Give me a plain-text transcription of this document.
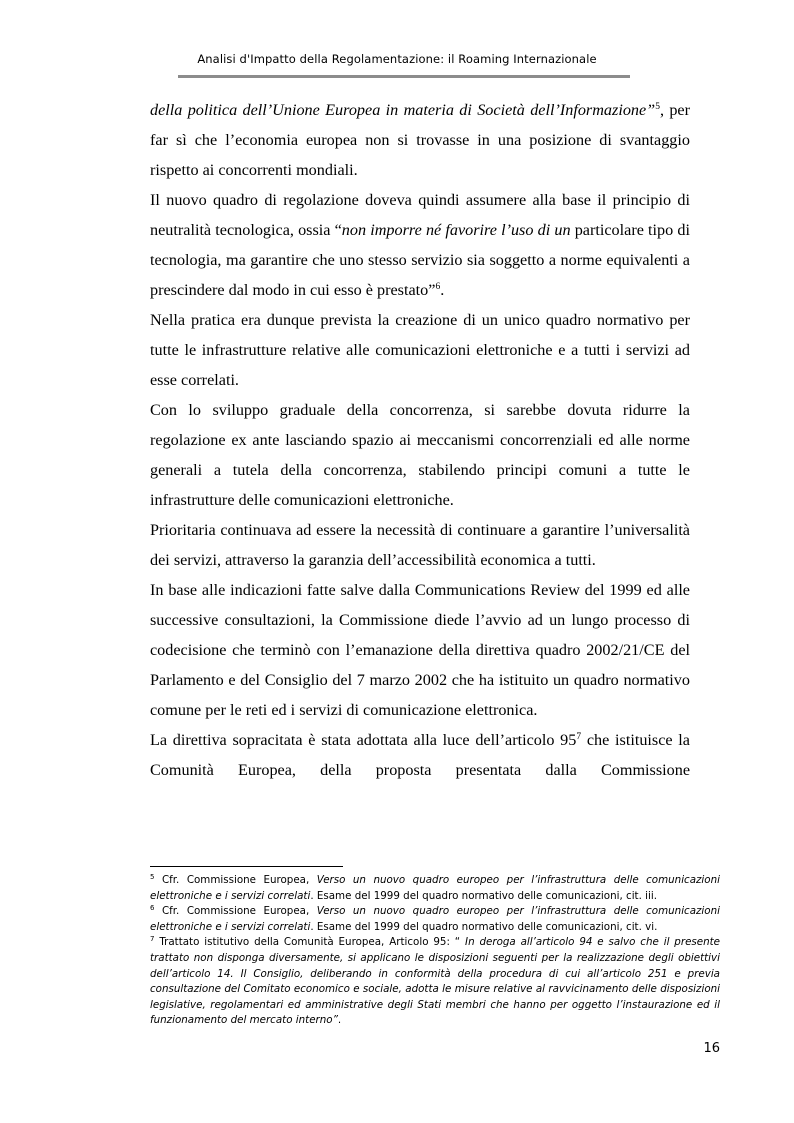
Analisi d'Impatto della Regolamentazione: il Roaming Internazionale

della politica dell’Unione Europea in materia di Società dell’Informazione”$^5$, per far sì che l’economia europea non si trovasse in una posizione di svantaggio rispetto ai concorrenti mondiali.

Il nuovo quadro di regolazione doveva quindi assumere alla base il principio di neutralità tecnologica, ossia “non imporre né favorire l’uso di un particolare tipo di tecnologia, ma garantire che uno stesso servizio sia soggetto a norme equivalenti a prescindere dal modo in cui esso è prestato”$^6$.

Nella pratica era dunque prevista la creazione di un unico quadro normativo per tutte le infrastrutture relative alle comunicazioni elettroniche e a tutti i servizi ad esse correlati.

Con lo sviluppo graduale della concorrenza, si sarebbe dovuta ridurre la regolazione ex ante lasciando spazio ai meccanismi concorrenziali ed alle norme generali a tutela della concorrenza, stabilendo principi comuni a tutte le infrastrutture delle comunicazioni elettroniche.

Prioritaria continuava ad essere la necessità di continuare a garantire l’universalità dei servizi, attraverso la garanzia dell’accessibilità economica a tutti.

In base alle indicazioni fatte salve dalla Communications Review del 1999 ed alle successive consultazioni, la Commissione diede l’avvio ad un lungo processo di codecisione che terminò con l’emanazione della direttiva quadro 2002/21/CE del Parlamento e del Consiglio del 7 marzo 2002 che ha istituito un quadro normativo comune per le reti ed i servizi di comunicazione elettronica.

La direttiva sopracitata è stata adottata alla luce dell’articolo $95^7$ che istituisce la Comunità Europea, della proposta presentata dalla Commissione

$^5$ Cfr. Commissione Europea, Verso un nuovo quadro europeo per l’infrastruttura delle comunicazioni elettroniche e i servizi correlati. Esame del 1999 del quadro normativo delle comunicazioni, cit. iii.

$^6$ Cfr. Commissione Europea, Verso un nuovo quadro europeo per l’infrastruttura delle comunicazioni elettroniche e i servizi correlati. Esame del 1999 del quadro normativo delle comunicazioni, cit. vi.

$^7$ Trattato istitutivo della Comunità Europea, Articolo 95: “ In deroga all’articolo 94 e salvo che il presente trattato non disponga diversamente, si applicano le disposizioni seguenti per la realizzazione degli obiettivi dell’articolo 14. Il Consiglio, deliberando in conformità della procedura di cui all’articolo 251 e previa consultazione del Comitato economico e sociale, adotta le misure relative al ravvicinamento delle disposizioni legislative, regolamentari ed amministrative degli Stati membri che hanno per oggetto l’instaurazione ed il funzionamento del mercato interno”.

16
